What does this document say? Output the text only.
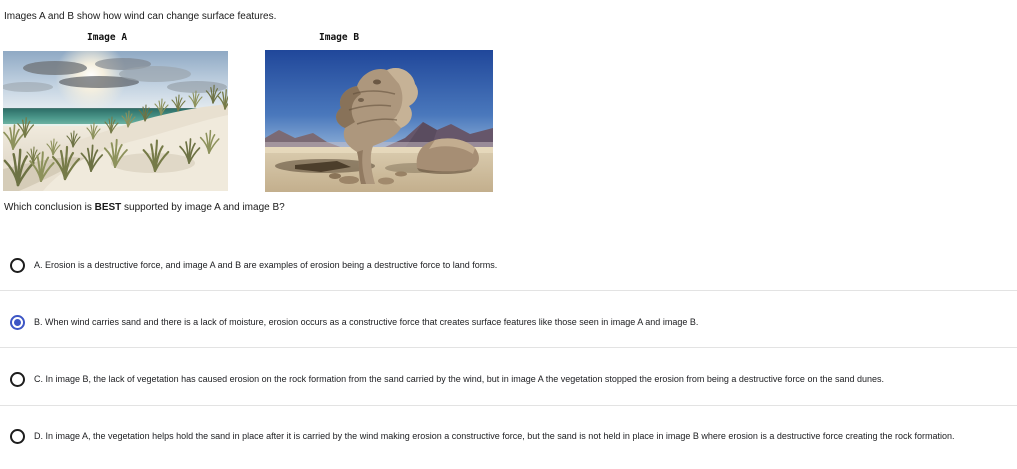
Images A and B show how wind can change surface features.
Image A	Image B
Which conclusion is BEST supported by image A and image B?
A. Erosion is a destructive force, and image A and B are examples of erosion being a destructive force to land forms.
B. When wind carries sand and there is a lack of moisture, erosion occurs as a constructive force that creates surface features like those seen in image A and image B.
C. In image B, the lack of vegetation has caused erosion on the rock formation from the sand carried by the wind, but in image A the vegetation stopped the erosion from being a destructive force on the sand dunes.
D. In image A, the vegetation helps hold the sand in place after it is carried by the wind making erosion a constructive force, but the sand is not held in place in image B where erosion is a destructive force creating the rock formation.
